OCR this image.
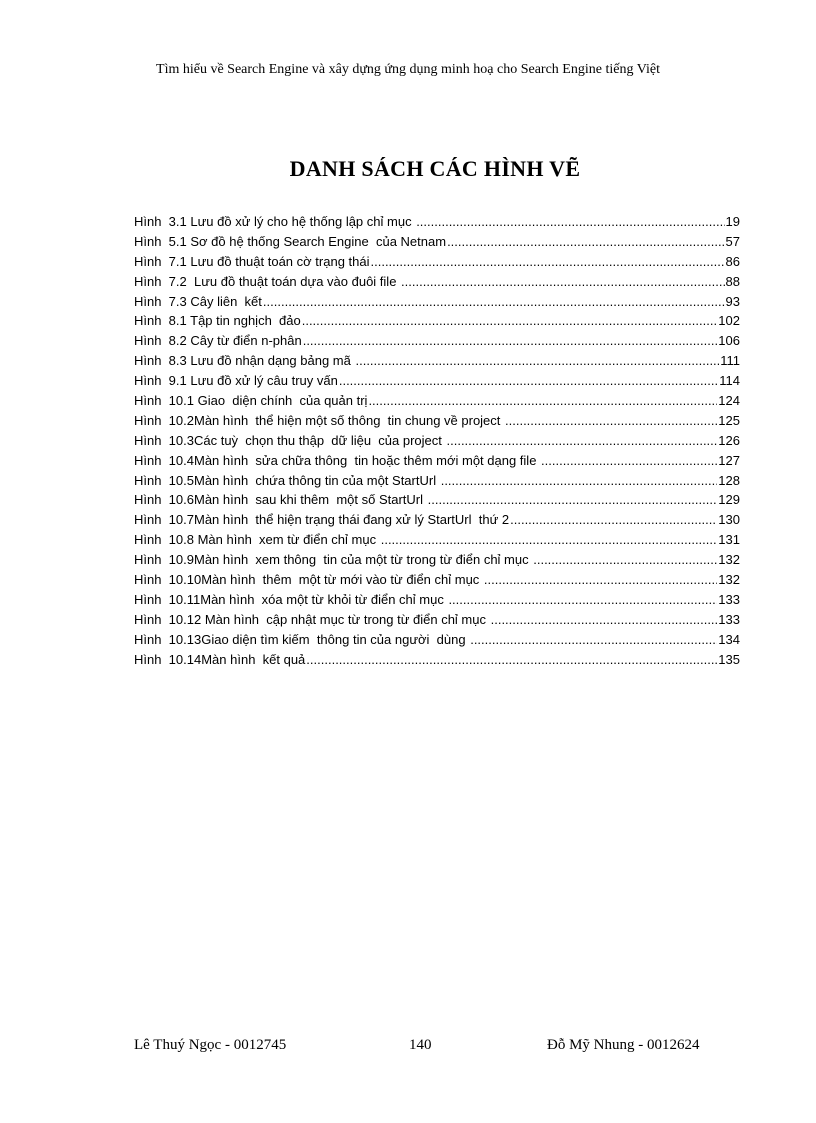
Tìm hiểu về Search Engine và xây dựng ứng dụng minh hoạ cho Search Engine tiếng Việt
DANH SÁCH CÁC HÌNH VẼ
Hình  3.1 Lưu đồ xử lý cho hệ thống lập chỉ mục .....	19
Hình  5.1 Sơ đồ hệ thống Search Engine  của Netnam .....	57
Hình  7.1 Lưu đồ thuật toán cờ trạng thái .....	86
Hình  7.2  Lưu đồ thuật toán dựa vào đuôi file .....	88
Hình  7.3 Cây liên  kết .....	93
Hình  8.1 Tập tin nghịch  đảo .....	102
Hình  8.2 Cây từ điển n-phân .....	106
Hình  8.3 Lưu đồ nhận dạng bảng mã .....	111
Hình  9.1 Lưu đồ xử lý câu truy vấn .....	114
Hình  10.1 Giao  diện chính  của quản trị .....	124
Hình  10.2Màn hình  thể hiện một số thông  tin chung về project .....	125
Hình  10.3Các tuỳ  chọn thu thập  dữ liệu  của project .....	126
Hình  10.4Màn hình  sửa chữa thông  tin hoặc thêm mới một dạng file .....	127
Hình  10.5Màn hình  chứa thông tin của một StartUrl .....	128
Hình  10.6Màn hình  sau khi thêm  một số StartUrl .....	129
Hình  10.7Màn hình  thể hiện trạng thái đang xử lý StartUrl  thứ 2 .....	130
Hình  10.8 Màn hình  xem từ điển chỉ mục .....	131
Hình  10.9Màn hình  xem thông  tin của một từ trong từ điển chỉ mục .....	132
Hình  10.10Màn hình  thêm  một từ mới vào từ điển chỉ mục .....	132
Hình  10.11Màn hình  xóa một từ khỏi từ điển chỉ mục .....	133
Hình  10.12 Màn hình  cập nhật mục từ trong từ điển chỉ mục .....	133
Hình  10.13Giao diện tìm kiếm  thông tin của người  dùng .....	134
Hình  10.14Màn hình  kết quả .....	135
Lê Thuý Ngọc - 0012745	140	Đỗ Mỹ Nhung - 0012624
